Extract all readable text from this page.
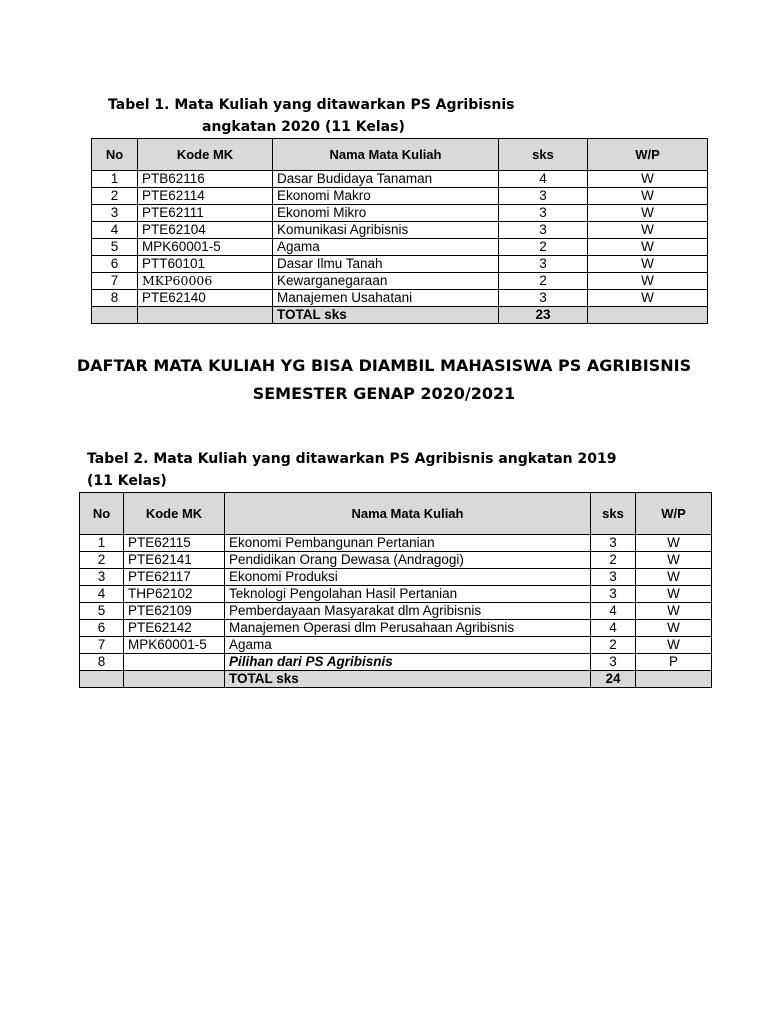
Tabel 1. Mata Kuliah yang ditawarkan PS Agribisnis
angkatan 2020 (11 Kelas)
No	Kode MK	Nama Mata Kuliah	sks	W/P
1	PTB62116	Dasar Budidaya Tanaman	4	W
2	PTE62114	Ekonomi Makro	3	W
3	PTE62111	Ekonomi Mikro	3	W
4	PTE62104	Komunikasi Agribisnis	3	W
5	MPK60001-5	Agama	2	W
6	PTT60101	Dasar Ilmu Tanah	3	W
7	MKP60006	Kewarganegaraan	2	W
8	PTE62140	Manajemen Usahatani	3	W
		TOTAL sks	23	
DAFTAR MATA KULIAH YG BISA DIAMBIL MAHASISWA PS AGRIBISNIS
SEMESTER GENAP 2020/2021
Tabel 2. Mata Kuliah yang ditawarkan PS Agribisnis angkatan 2019
(11 Kelas)
No	Kode MK	Nama Mata Kuliah	sks	W/P
1	PTE62115	Ekonomi Pembangunan Pertanian	3	W
2	PTE62141	Pendidikan Orang Dewasa (Andragogi)	2	W
3	PTE62117	Ekonomi Produksi	3	W
4	THP62102	Teknologi Pengolahan Hasil Pertanian	3	W
5	PTE62109	Pemberdayaan Masyarakat dlm Agribisnis	4	W
6	PTE62142	Manajemen Operasi dlm Perusahaan Agribisnis	4	W
7	MPK60001-5	Agama	2	W
8		Pilihan dari PS Agribisnis	3	P
		TOTAL sks	24	
